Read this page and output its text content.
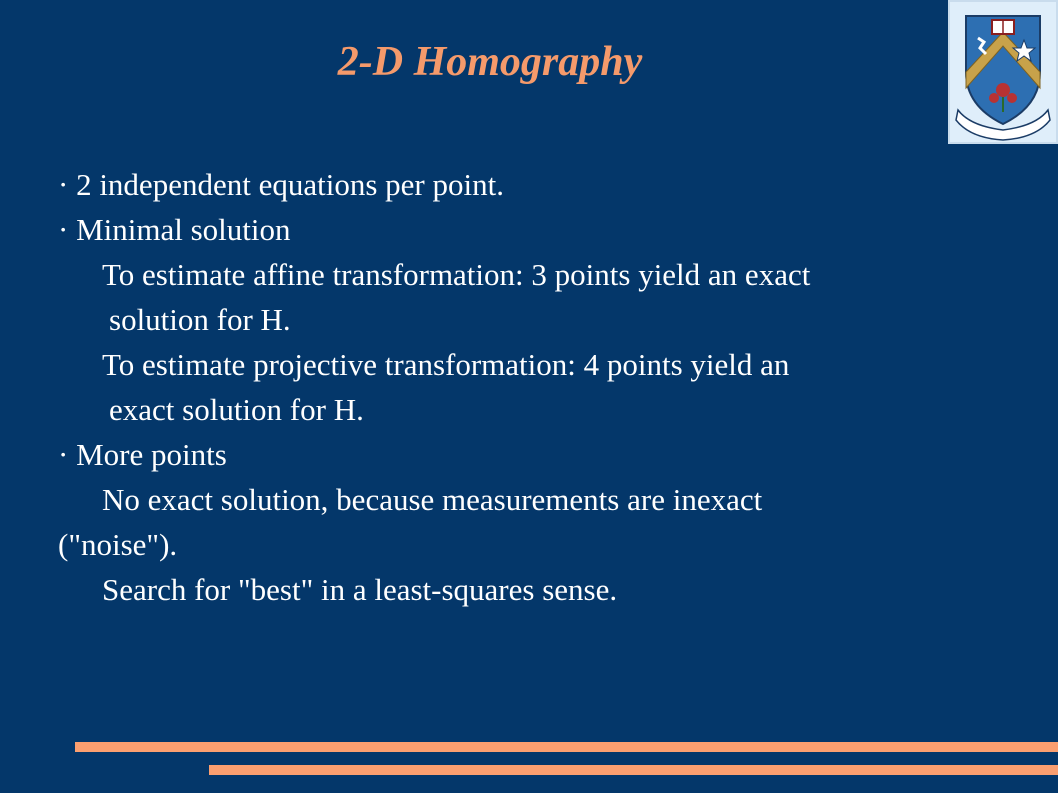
2-D Homography
· 2 independent equations per point.
· Minimal solution
To estimate affine transformation: 3 points yield an exact
solution for H.
To estimate projective transformation: 4 points yield an
exact solution for H.
· More points
No exact solution, because measurements are inexact
("noise").
Search for "best" in a least-squares sense.
